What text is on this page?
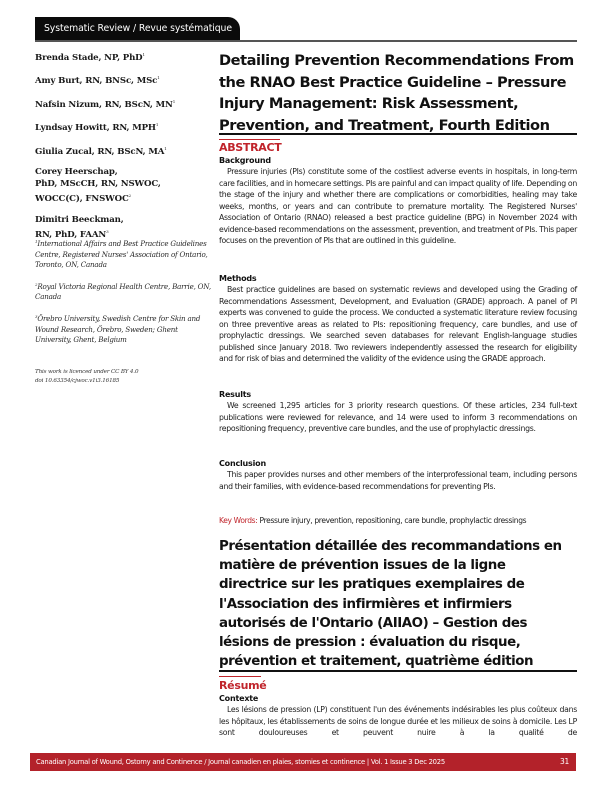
Systematic Review / Revue systématique
Brenda Stade, NP, PhD$^1$
Amy Burt, RN, BNSc, MSc$^1$
Nafsin Nizum, RN, BScN, $MN^1$
Lyndsay Howitt, RN, MPH$^1$
Giulia Zucal, RN, BScN, $MA^1$
Corey Heerschap,
PhD, MScCH, RN, NSWOC,
WOCC(C), FNSWOC$^2$
Dimitri Beeckman,
RN, PhD, FAAN$^3$
$^1$International Affairs and Best Practice Guidelines Centre, Registered Nurses' Association of Ontario, Toronto, ON, Canada
$^2$Royal Victoria Regional Health Centre, Barrie, ON, Canada
$^3$Örebro University, Swedish Centre for Skin and Wound Research, Örebro, Sweden; Ghent University, Ghent, Belgium
This work is licenced under CC BY 4.0
doi 10.63354/cjwoc.v1i3.16185
Detailing Prevention Recommendations From the RNAO Best Practice Guideline – Pressure Injury Management: Risk Assessment, Prevention, and Treatment, Fourth Edition
ABSTRACT
Background
Pressure injuries (PIs) constitute some of the costliest adverse events in hospitals, in long-term care facilities, and in homecare settings. PIs are painful and can impact quality of life. Depending on the stage of the injury and whether there are complications or comorbidities, healing may take weeks, months, or years and can contribute to premature mortality. The Registered Nurses' Association of Ontario (RNAO) released a best practice guideline (BPG) in November 2024 with evidence-based recommendations on the assessment, prevention, and treatment of PIs. This paper focuses on the prevention of PIs that are outlined in this guideline.
Methods
Best practice guidelines are based on systematic reviews and developed using the Grading of Recommendations Assessment, Development, and Evaluation (GRADE) approach. A panel of PI experts was convened to guide the process. We conducted a systematic literature review focusing on three preventive areas as related to PIs: repositioning frequency, care bundles, and use of prophylactic dressings. We searched seven databases for relevant English-language studies published since January 2018. Two reviewers independently assessed the research for eligibility and for risk of bias and determined the validity of the evidence using the GRADE approach.
Results
We screened 1,295 articles for 3 priority research questions. Of these articles, 234 full-text publications were reviewed for relevance, and 14 were used to inform 3 recommendations on repositioning frequency, preventive care bundles, and the use of prophylactic dressings.
Conclusion
This paper provides nurses and other members of the interprofessional team, including persons and their families, with evidence-based recommendations for preventing PIs.
Key Words: Pressure injury, prevention, repositioning, care bundle, prophylactic dressings
Présentation détaillée des recommandations en matière de prévention issues de la ligne directrice sur les pratiques exemplaires de l'Association des infirmières et infirmiers autorisés de l'Ontario (AIIAO) – Gestion des lésions de pression : évaluation du risque, prévention et traitement, quatrième édition
Résumé
Contexte
Les lésions de pression (LP) constituent l'un des événements indésirables les plus coûteux dans les hôpitaux, les établissements de soins de longue durée et les milieux de soins à domicile. Les LP sont douloureuses et peuvent nuire à la qualité de
Canadian Journal of Wound, Ostomy and Continence / Journal canadien en plaies, stomies et continence | Vol. 1 Issue 3 Dec 2025	31
